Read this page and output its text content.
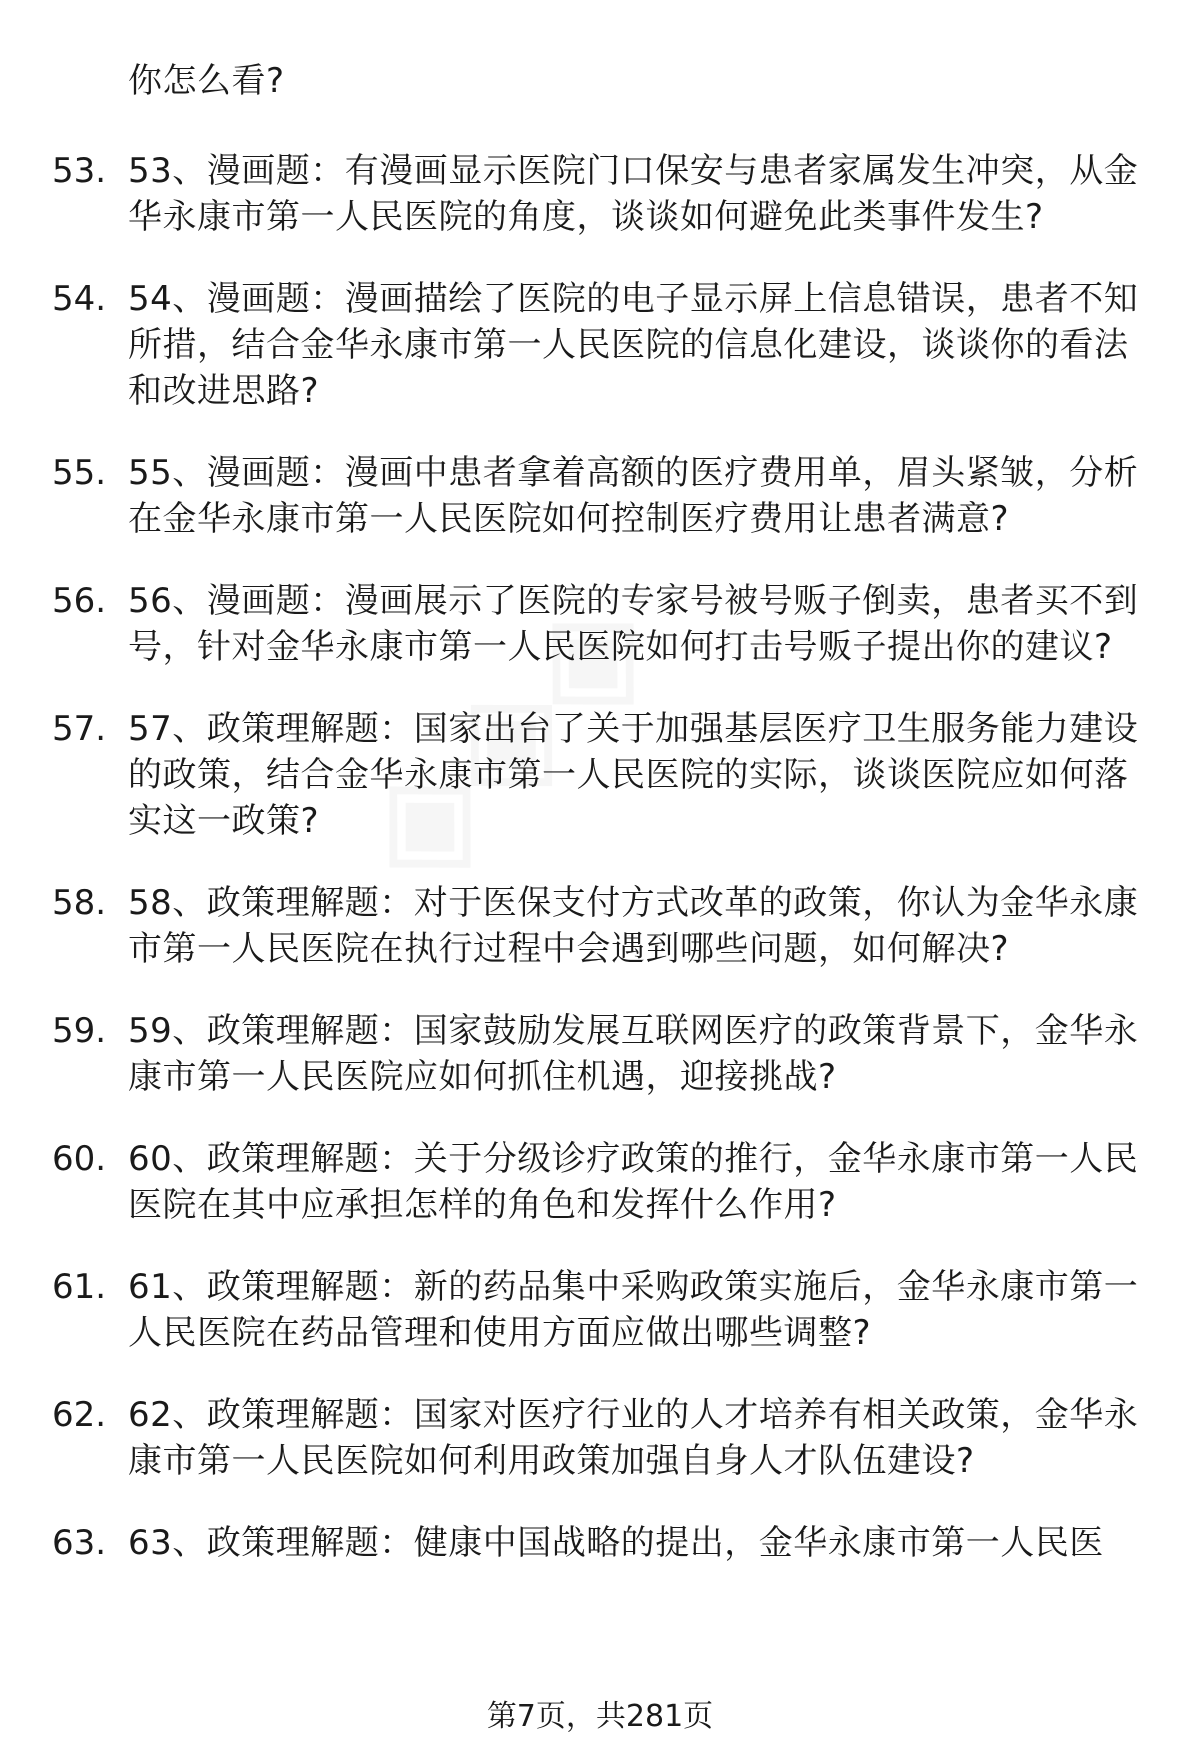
你怎么看?
53. 53、漫画题：有漫画显示医院门口保安与患者家属发生冲突，从金华永康市第一人民医院的角度，谈谈如何避免此类事件发生?
54. 54、漫画题：漫画描绘了医院的电子显示屏上信息错误，患者不知所措，结合金华永康市第一人民医院的信息化建设，谈谈你的看法和改进思路?
55. 55、漫画题：漫画中患者拿着高额的医疗费用单，眉头紧皱，分析在金华永康市第一人民医院如何控制医疗费用让患者满意?
56. 56、漫画题：漫画展示了医院的专家号被号贩子倒卖，患者买不到号，针对金华永康市第一人民医院如何打击号贩子提出你的建议?
57. 57、政策理解题：国家出台了关于加强基层医疗卫生服务能力建设的政策，结合金华永康市第一人民医院的实际，谈谈医院应如何落实这一政策?
58. 58、政策理解题：对于医保支付方式改革的政策，你认为金华永康市第一人民医院在执行过程中会遇到哪些问题，如何解决?
59. 59、政策理解题：国家鼓励发展互联网医疗的政策背景下，金华永康市第一人民医院应如何抓住机遇，迎接挑战?
60. 60、政策理解题：关于分级诊疗政策的推行，金华永康市第一人民医院在其中应承担怎样的角色和发挥什么作用?
61. 61、政策理解题：新的药品集中采购政策实施后，金华永康市第一人民医院在药品管理和使用方面应做出哪些调整?
62. 62、政策理解题：国家对医疗行业的人才培养有相关政策，金华永康市第一人民医院如何利用政策加强自身人才队伍建设?
63. 63、政策理解题：健康中国战略的提出，金华永康市第一人民医
第7页，共281页
